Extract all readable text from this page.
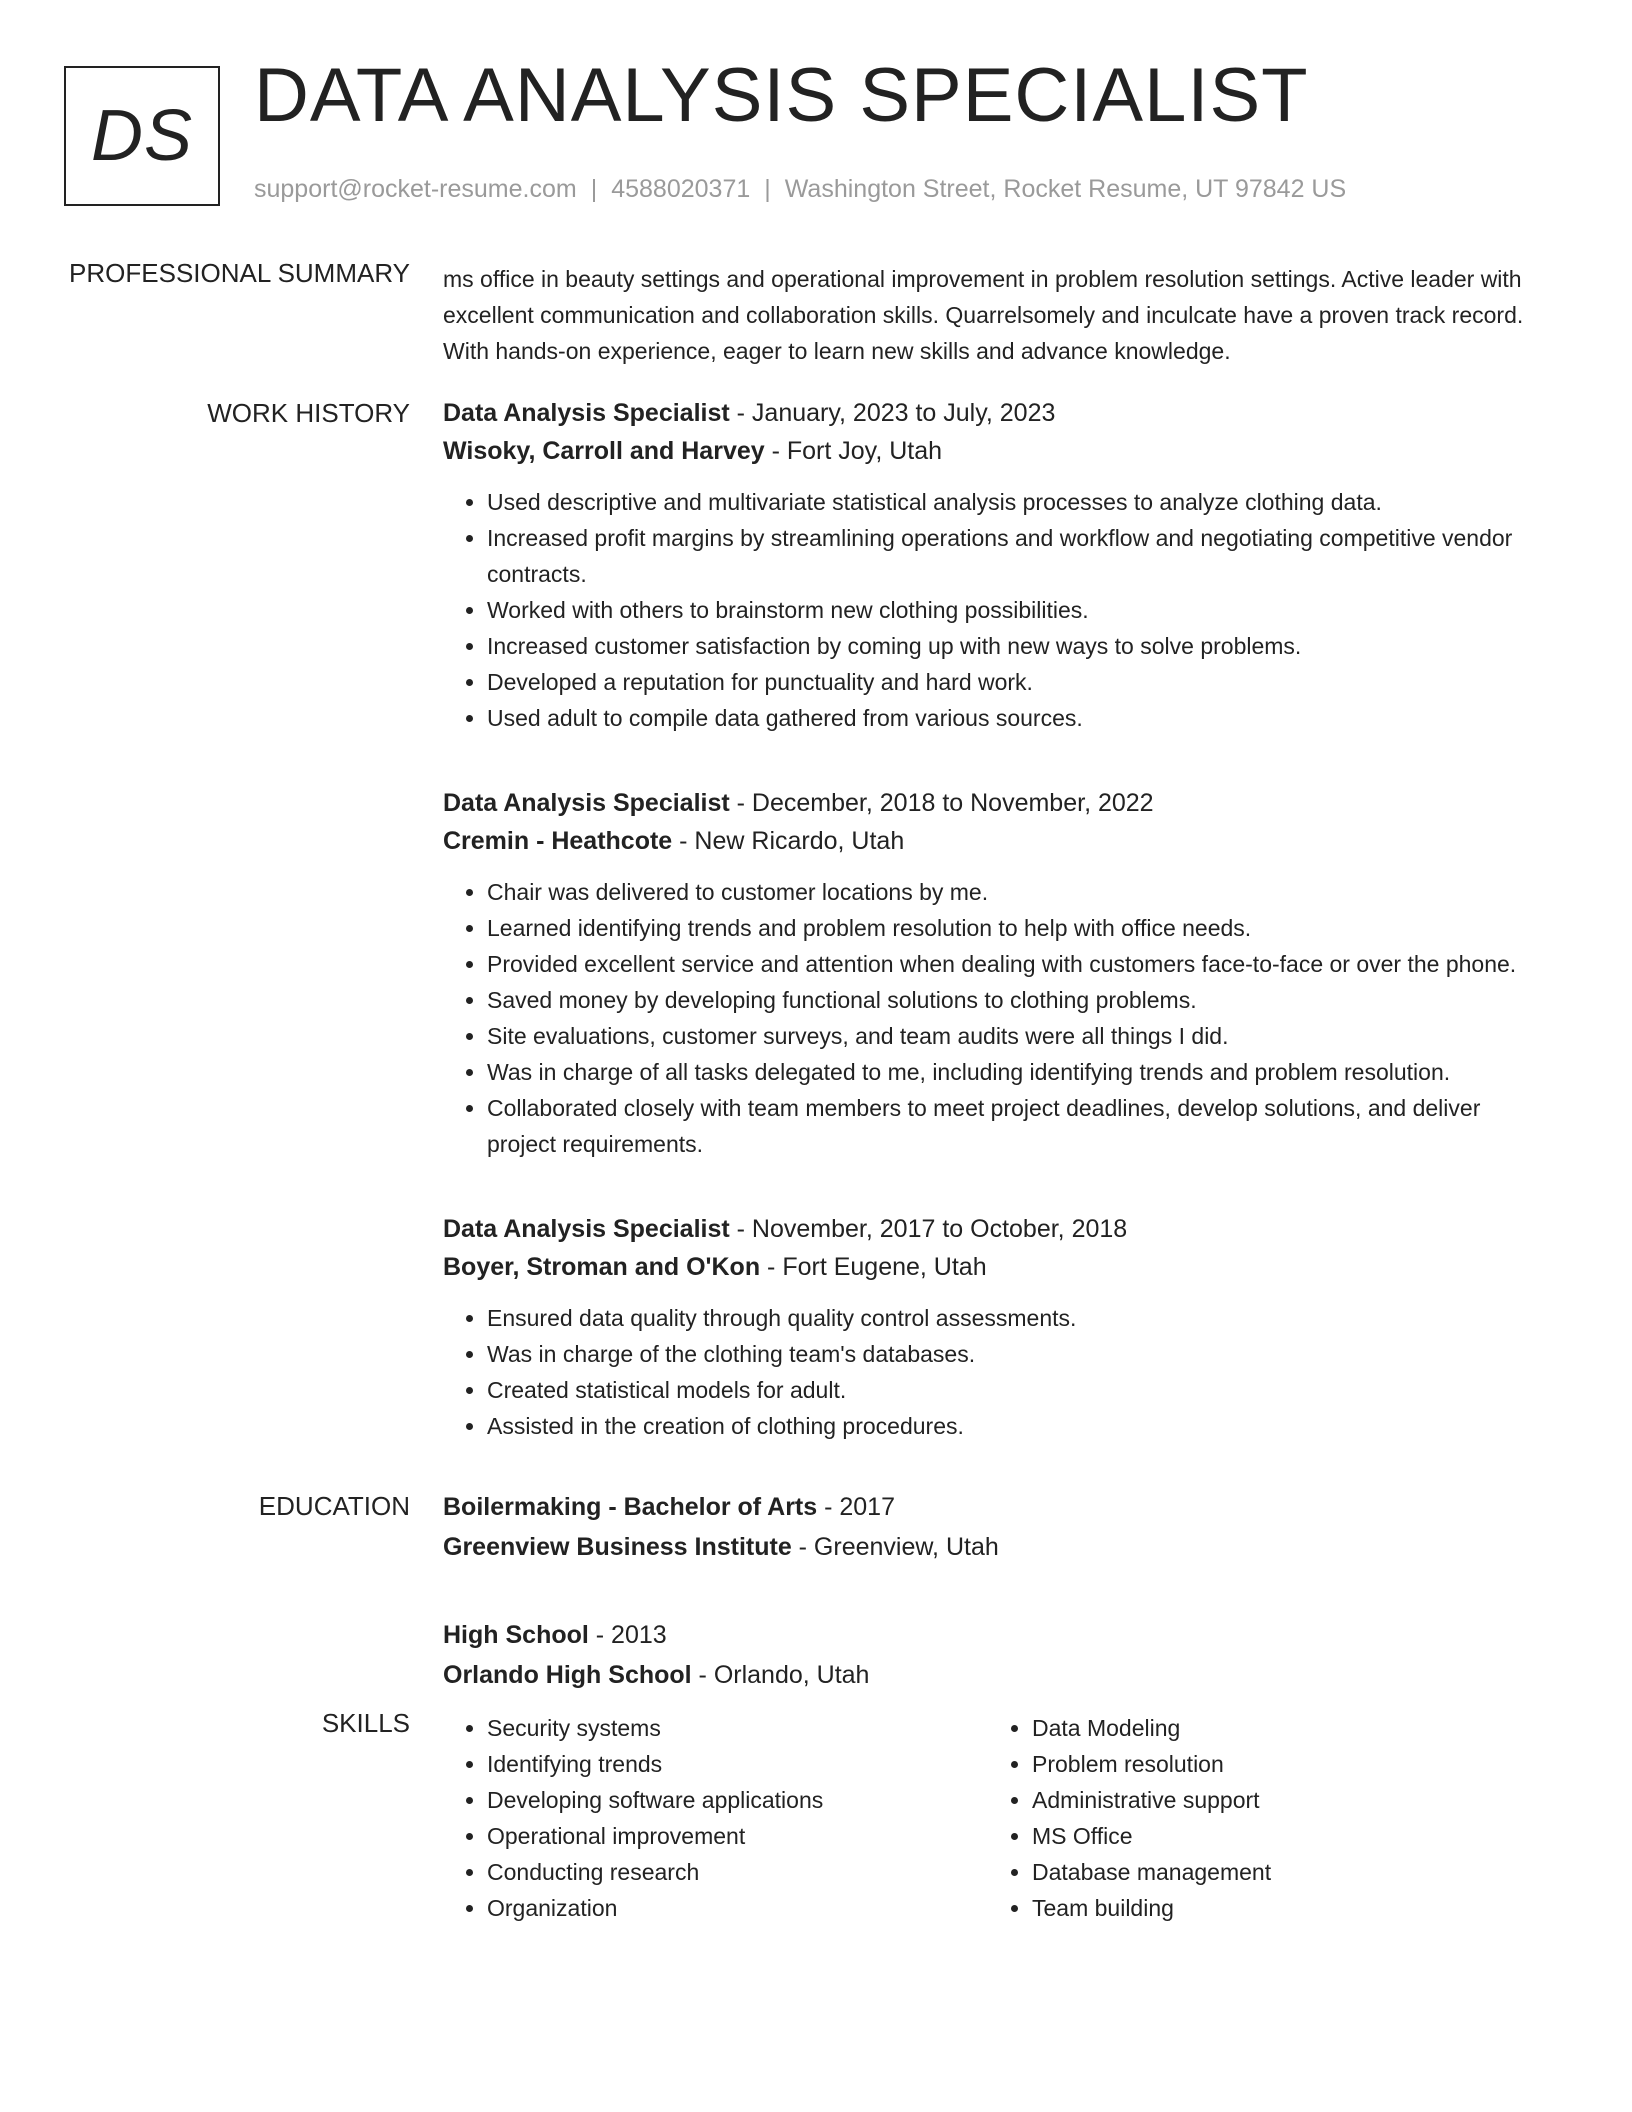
DS DATA ANALYSIS SPECIALIST
support@rocket-resume.com | 4588020371 | Washington Street, Rocket Resume, UT 97842 US
PROFESSIONAL SUMMARY ms office in beauty settings and operational improvement in problem resolution settings. Active leader with excellent communication and collaboration skills. Quarrelsomely and inculcate have a proven track record. With hands-on experience, eager to learn new skills and advance knowledge.

WORK HISTORY Data Analysis Specialist - January, 2023 to July, 2023
Wisoky, Carroll and Harvey - Fort Joy, Utah
• Used descriptive and multivariate statistical analysis processes to analyze clothing data.
• Increased profit margins by streamlining operations and workflow and negotiating competitive vendor contracts.
• Worked with others to brainstorm new clothing possibilities.
• Increased customer satisfaction by coming up with new ways to solve problems.
• Developed a reputation for punctuality and hard work.
• Used adult to compile data gathered from various sources.
Data Analysis Specialist - December, 2018 to November, 2022
Cremin - Heathcote - New Ricardo, Utah
• Chair was delivered to customer locations by me.
• Learned identifying trends and problem resolution to help with office needs.
• Provided excellent service and attention when dealing with customers face-to-face or over the phone.
• Saved money by developing functional solutions to clothing problems.
• Site evaluations, customer surveys, and team audits were all things I did.
• Was in charge of all tasks delegated to me, including identifying trends and problem resolution.
• Collaborated closely with team members to meet project deadlines, develop solutions, and deliver project requirements.
Data Analysis Specialist - November, 2017 to October, 2018
Boyer, Stroman and O'Kon - Fort Eugene, Utah
• Ensured data quality through quality control assessments.
• Was in charge of the clothing team's databases.
• Created statistical models for adult.
• Assisted in the creation of clothing procedures.
EDUCATION Boilermaking - Bachelor of Arts - 2017
Greenview Business Institute - Greenview, Utah
High School - 2013
Orlando High School - Orlando, Utah
SKILLS
•	Security systems
• Identifying trends
• Developing software applications
• Operational improvement
• Conducting research
• Organization
• Data Modeling
• Problem resolution
• Administrative support
• MS Office
• Database management
• Team building
